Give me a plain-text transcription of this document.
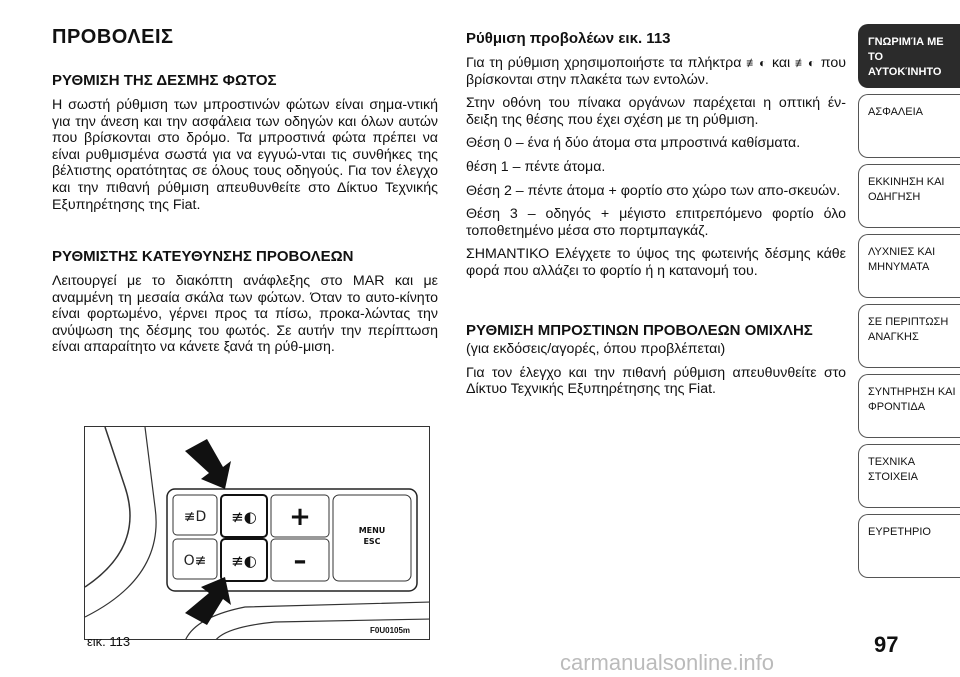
ΠΡΟΒΟΛΕΙΣ
ΡΥΘΜΙΣΗ ΤΗΣ ΔΕΣΜΗΣ ΦΩΤΟΣ

Η σωστή ρύθμιση των μπροστινών φώτων είναι σημα-ντική για την άνεση και την ασφάλεια των οδηγών και όλων αυτών που βρίσκονται στο δρόμο. Τα μπροστινά φώτα πρέπει να είναι ρυθμισμένα σωστά για να εγγυώ-νται τις συνθήκες της βέλτιστης ορατότητας σε όλους τους οδηγούς. Για τον έλεγχο και την πιθανή ρύθμιση απευθυνθείτε στο Δίκτυο Τεχνικής Εξυπηρέτησης της Fiat.

ΡΥΘΜΙΣΤΗΣ ΚΑΤΕΥΘΥΝΣΗΣ ΠΡΟΒΟΛΕΩΝ

Λειτουργεί με το διακόπτη ανάφλεξης στο MAR και με αναμμένη τη μεσαία σκάλα των φώτων. Όταν το αυτο-κίνητο είναι φορτωμένο, γέρνει προς τα πίσω, προκα-λώντας την ανύψωση της δέσμης του φωτός. Σε αυτήν την περίπτωση είναι απαραίτητο να κάνετε ξανά τη ρύθ-μιση.

Ρύθμιση προβολέων εικ. 113

Για τη ρύθμιση χρησιμοποιήστε τα πλήκτρα ≢◐ και ≢◐ που βρίσκονται στην πλακέτα των εντολών.

Στην οθόνη του πίνακα οργάνων παρέχεται η οπτική έν-δειξη της θέσης που έχει σχέση με τη ρύθμιση.

Θέση 0 – ένα ή δύο άτομα στα μπροστινά καθίσματα.

θέση 1 – πέντε άτομα.

Θέση 2 – πέντε άτομα + φορτίο στο χώρο των απο-σκευών.

Θέση 3 – οδηγός + μέγιστο επιτρεπόμενο φορτίο όλο τοποθετημένο μέσα στο πορτμπαγκάζ.

ΣΗΜΑΝΤΙΚΟ Ελέγχετε το ύψος της φωτεινής δέσμης κάθε φορά που αλλάζει το φορτίο ή η κατανομή του.

ΡΥΘΜΙΣΗ ΜΠΡΟΣΤΙΝΩΝ ΠΡΟΒΟΛΕΩΝ ΟΜΙΧΛΗΣ

(για εκδόσεις/αγορές, όπου προβλέπεται)

Για τον έλεγχο και την πιθανή ρύθμιση απευθυνθείτε στο Δίκτυο Τεχνικής Εξυπηρέτησης της Fiat.

≢D
O≢
≢◐
≢◐
+
–
MENU
ESC
εικ. 113
F0U0105m
ΓΝΩΡΙΜΊΑ ΜΕ ΤΟ
ΑΥΤΟΚΊΝΗΤΟ
ΑΣΦΑΛΕΙΑ
ΕΚΚΙΝΗΣΗ ΚΑΙ
ΟΔΗΓΗΣΗ
ΛΥΧΝΙΕΣ ΚΑΙ
ΜΗΝΥΜΑΤΑ
ΣΕ ΠΕΡΙΠΤΩΣΗ
ΑΝΑΓΚΗΣ
ΣΥΝΤΗΡΗΣΗ ΚΑΙ
ΦΡΟΝΤΙΔΑ
ΤΕΧΝΙΚΑ ΣΤΟΙΧΕΙΑ
ΕΥΡΕΤΗΡΙΟ
97
carmanualsonline.info
